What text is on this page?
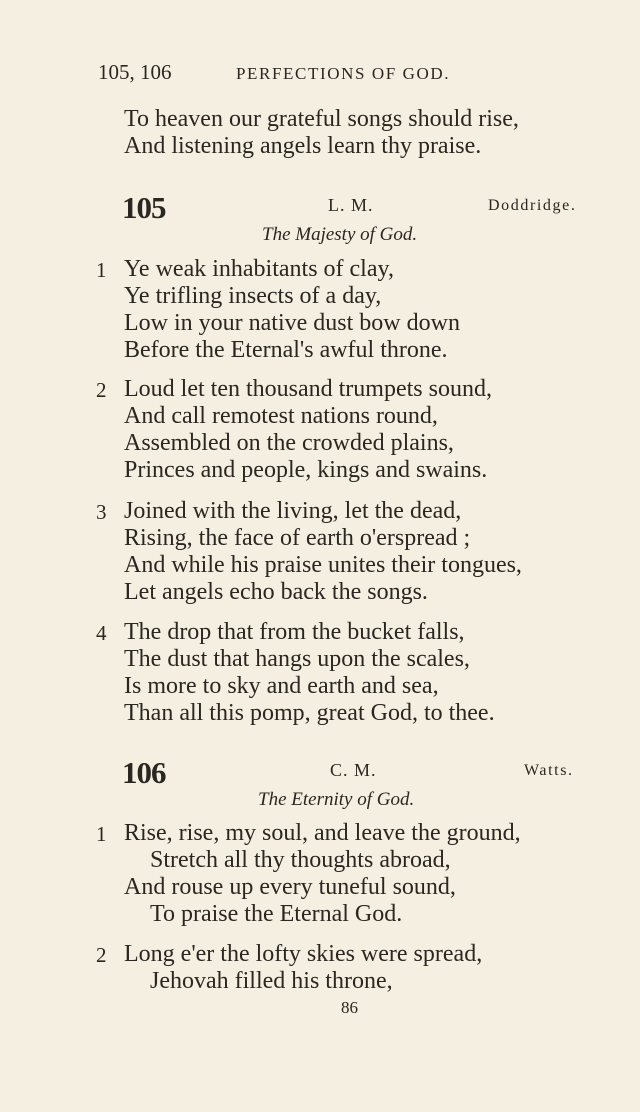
105, 106	PERFECTIONS OF GOD.
To heaven our grateful songs should rise,
And listening angels learn thy praise.
105	L. M.	Doddridge.
The Majesty of God.
1 Ye weak inhabitants of clay,
Ye trifling insects of a day,
Low in your native dust bow down
Before the Eternal's awful throne.
2 Loud let ten thousand trumpets sound,
And call remotest nations round,
Assembled on the crowded plains,
Princes and people, kings and swains.
3 Joined with the living, let the dead,
Rising, the face of earth o'erspread ;
And while his praise unites their tongues,
Let angels echo back the songs.
4 The drop that from the bucket falls,
The dust that hangs upon the scales,
Is more to sky and earth and sea,
Than all this pomp, great God, to thee.
106	C. M.	Watts.
The Eternity of God.
1 Rise, rise, my soul, and leave the ground,
Stretch all thy thoughts abroad,
And rouse up every tuneful sound,
To praise the Eternal God.
2 Long e'er the lofty skies were spread,
Jehovah filled his throne,
86
